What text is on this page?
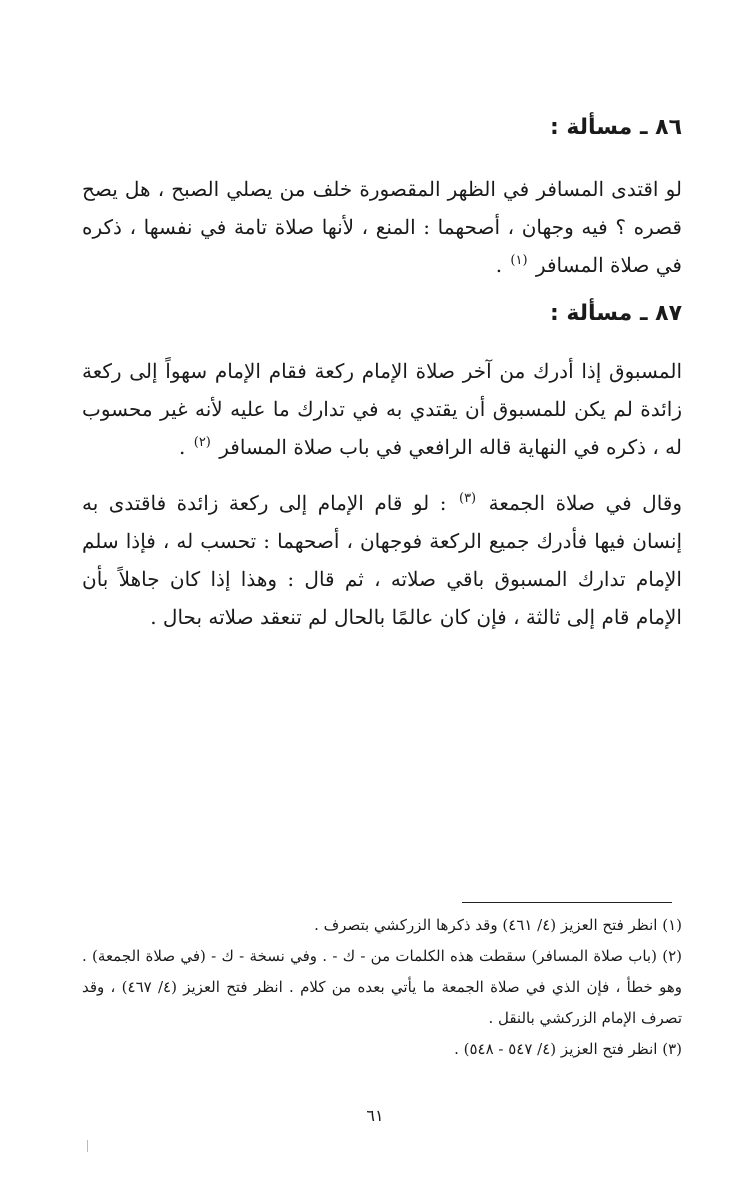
٨٦ ـ مسألة :

لو اقتدى المسافر في الظهر المقصورة خلف من يصلي الصبح ، هل يصح قصره ؟ فيه وجهان ، أصحهما : المنع ، لأنها صلاة تامة في نفسها ، ذكره في صلاة المسافر $^{(١)}$ .

٨٧ ـ مسألة :

المسبوق إذا أدرك من آخر صلاة الإمام ركعة فقام الإمام سهواً إلى ركعة زائدة لم يكن للمسبوق أن يقتدي به في تدارك ما عليه لأنه غير محسوب له ، ذكره في النهاية قاله الرافعي في باب صلاة المسافر $^{(٢)}$ .

وقال في صلاة الجمعة $^{(٣)}$ : لو قام الإمام إلى ركعة زائدة فاقتدى به إنسان فيها فأدرك جميع الركعة فوجهان ، أصحهما : تحسب له ، فإذا سلم الإمام تدارك المسبوق باقي صلاته ، ثم قال : وهذا إذا كان جاهلاً بأن الإمام قام إلى ثالثة ، فإن كان عالمًا بالحال لم تنعقد صلاته بحال .

(١) انظر فتح العزيز (٤/ ٤٦١) وقد ذكرها الزركشي بتصرف .

(٢) (باب صلاة المسافر) سقطت هذه الكلمات من - ك - . وفي نسخة - ك - (في صلاة الجمعة) . وهو خطأ ، فإن الذي في صلاة الجمعة ما يأتي بعده من كلام . انظر فتح العزيز (٤/ ٤٦٧) ، وقد تصرف الإمام الزركشي بالنقل .

(٣) انظر فتح العزيز (٤/ ٥٤٧ - ٥٤٨) .

٦١
